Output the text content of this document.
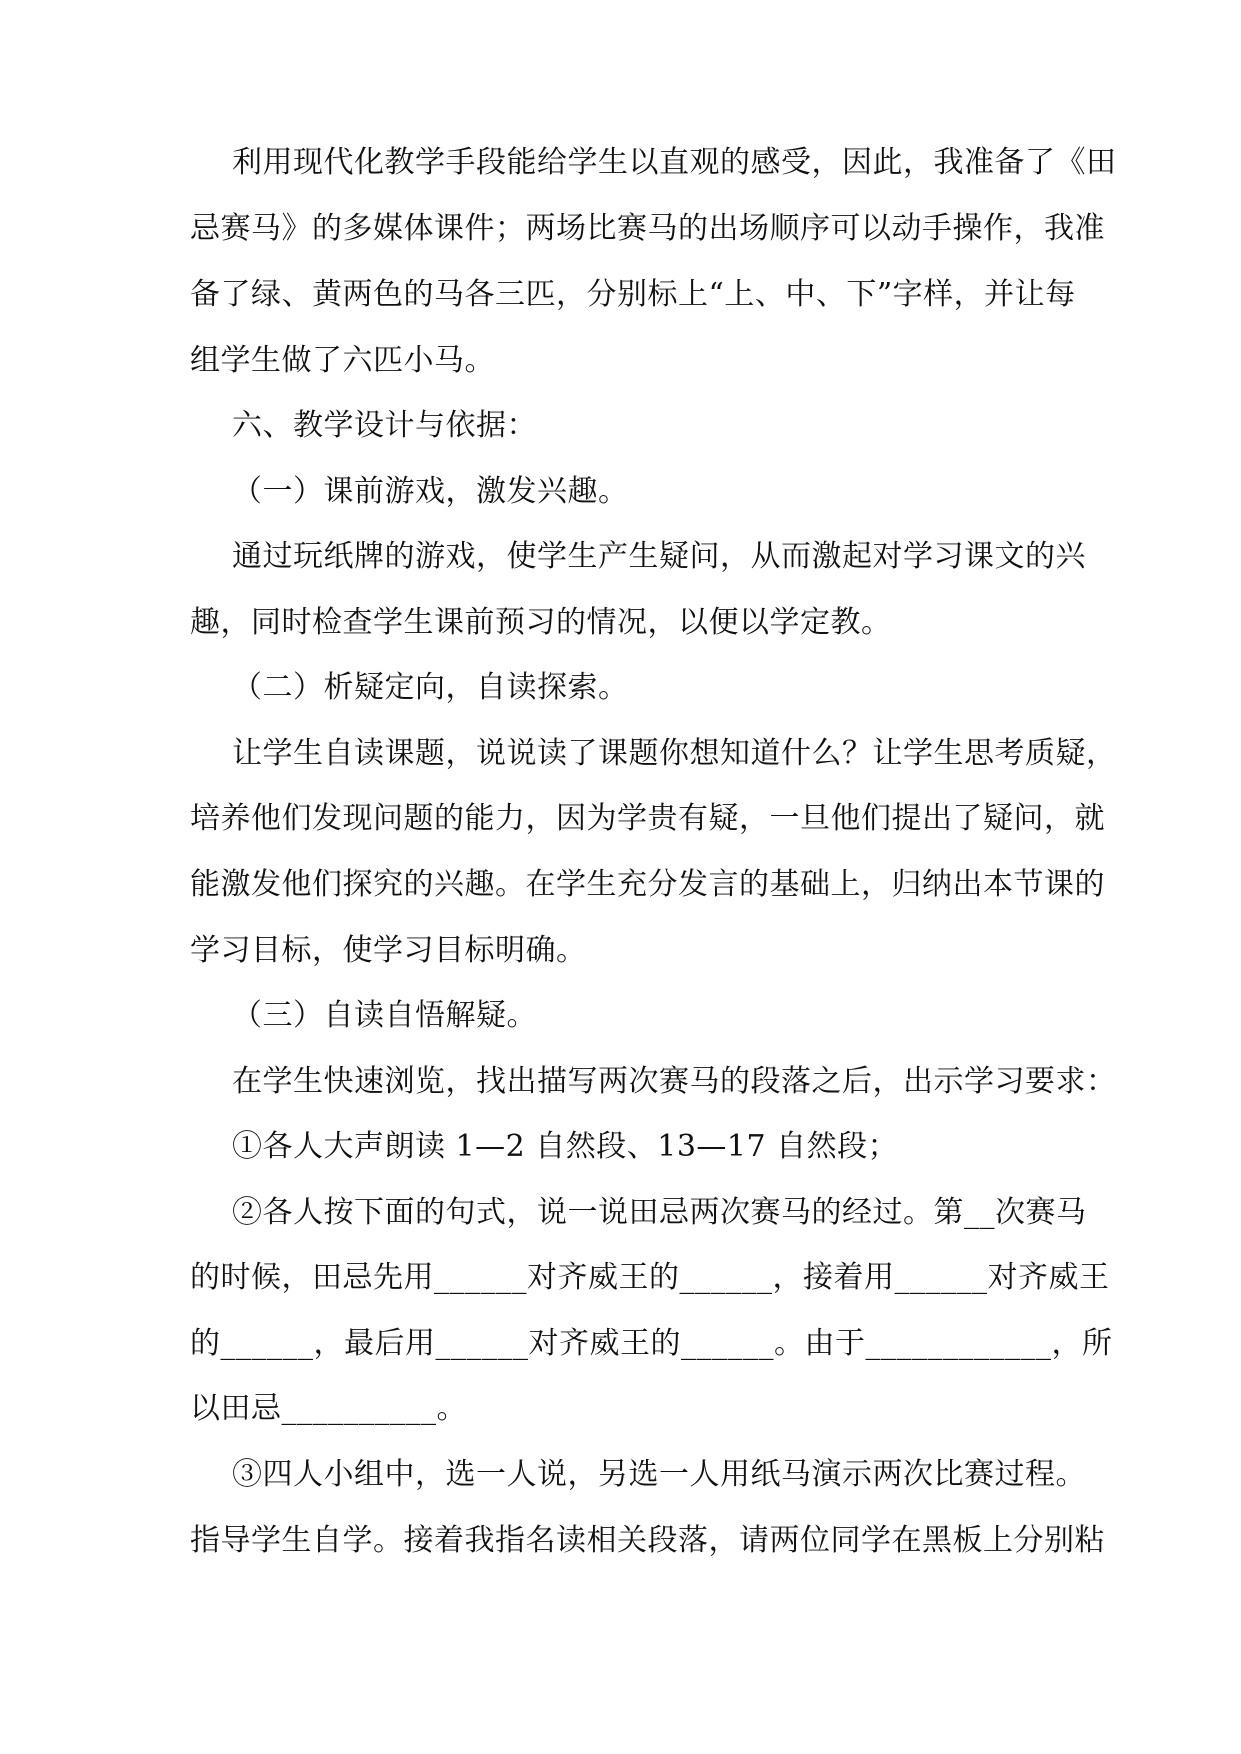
利用现代化教学手段能给学生以直观的感受，因此，我准备了《田
忌赛马》的多媒体课件；两场比赛马的出场顺序可以动手操作，我准
备了绿、黄两色的马各三匹，分别标上“上、中、下”字样，并让每
组学生做了六匹小马。
六、教学设计与依据：
（一）课前游戏，激发兴趣。
通过玩纸牌的游戏，使学生产生疑问，从而激起对学习课文的兴
趣，同时检查学生课前预习的情况，以便以学定教。
（二）析疑定向，自读探索。
让学生自读课题，说说读了课题你想知道什么？让学生思考质疑，
培养他们发现问题的能力，因为学贵有疑，一旦他们提出了疑问，就
能激发他们探究的兴趣。在学生充分发言的基础上，归纳出本节课的
学习目标，使学习目标明确。
（三）自读自悟解疑。
在学生快速浏览，找出描写两次赛马的段落之后，出示学习要求：
①各人大声朗读 1—2 自然段、13—17 自然段；
②各人按下面的句式，说一说田忌两次赛马的经过。第__次赛马
的时候，田忌先用______对齐威王的______，接着用______对齐威王
的______，最后用______对齐威王的______。由于____________，所
以田忌__________。
③四人小组中，选一人说，另选一人用纸马演示两次比赛过程。
指导学生自学。接着我指名读相关段落，请两位同学在黑板上分别粘
